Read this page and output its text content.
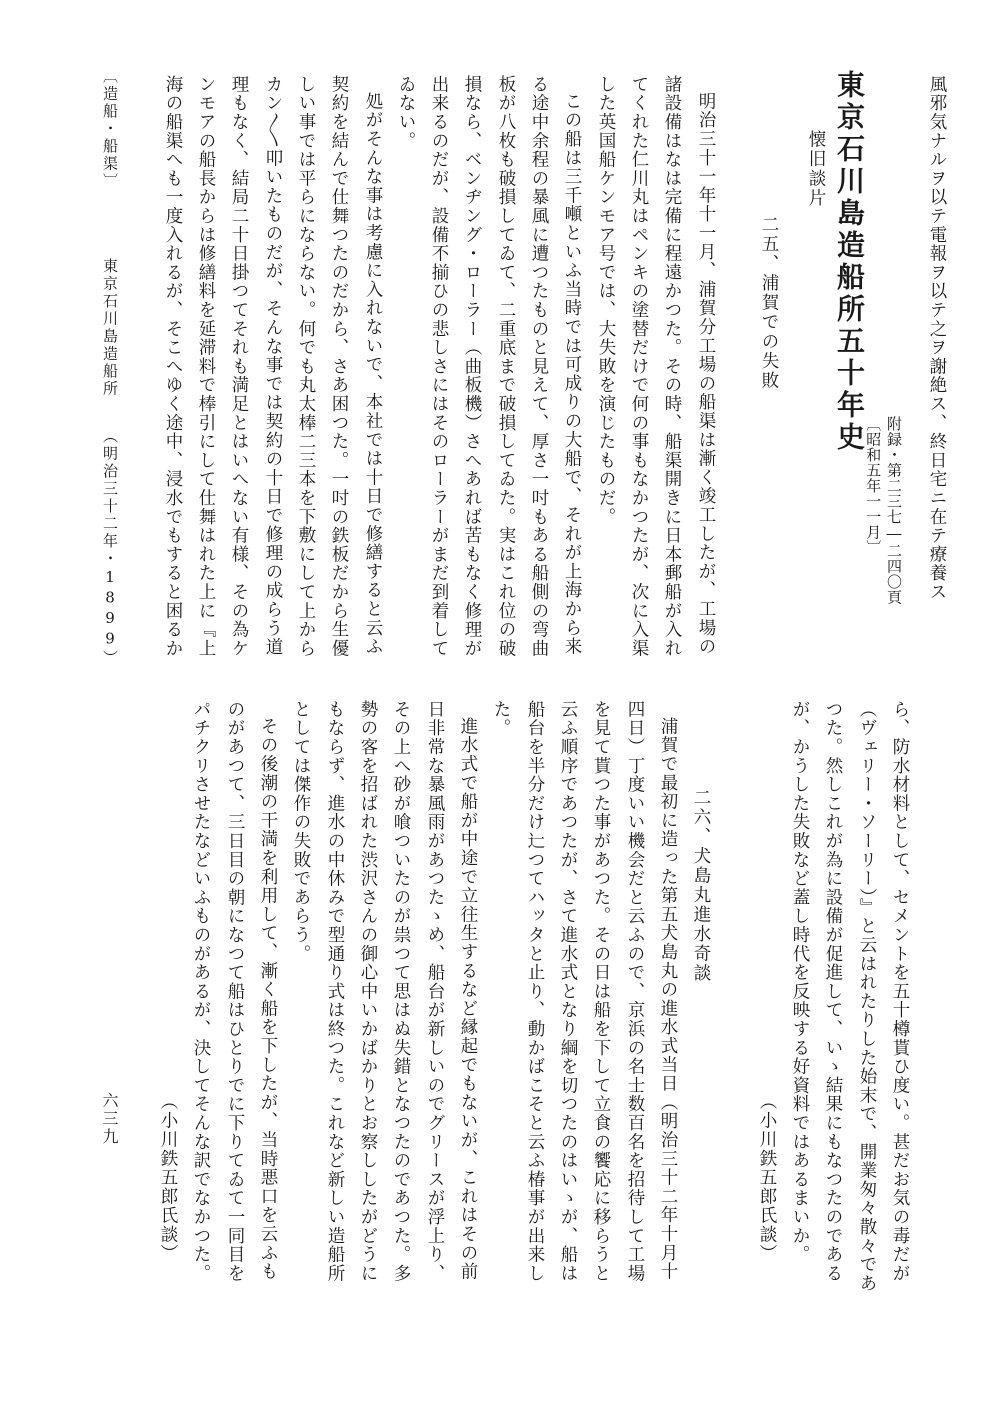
風邪気ナルヲ以テ電報ヲ以テ之ヲ謝絶ス、終日宅ニ在テ療養ス
東京石川島造船所五十年史
附録・第二三七―二四〇頁
〔昭和五年一一月〕
懐旧談片
二五、浦賀での失敗

明治三十一年十一月、浦賀分工場の船渠は漸く竣工したが、工場の

諸設備はなは完備に程遠かつた。その時、船渠開きに日本郵船が入れ

てくれた仁川丸はペンキの塗替だけで何の事もなかつたが、次に入渠

した英国船ケンモア号では、大失敗を演じたものだ。

この船は三千噸といふ当時では可成りの大船で、それが上海から来

る途中余程の暴風に遭つたものと見えて、厚さ一吋もある船側の弯曲

板が八枚も破損してゐて、二重底まで破損してゐた。実はこれ位の破

損なら、ベンヂング・ローラー（曲板機）さへあれば苦もなく修理が

出来るのだが、設備不揃ひの悲しさにはそのローラーがまだ到着して

ゐない。

処がそんな事は考慮に入れないで、本社では十日で修繕すると云ふ

契約を結んで仕舞つたのだから、さあ困つた。一吋の鉄板だから生優

しい事では平らにならない。何でも丸太棒二三本を下敷にして上から

カン〳〵叩いたものだが、そんな事では契約の十日で修理の成らう道

理もなく、結局二十日掛つてそれも満足とはいへない有様、その為ケ

ンモアの船長からは修繕料を延滞料で棒引にして仕舞はれた上に『上

海の船渠へも一度入れるが、そこへゆく途中、浸水でもすると困るか

〔造船・船渠〕
東京石川島造船所
（明治三十二年・1899）

ら、防水材料として、セメントを五十樽貰ひ度い。甚だお気の毒だが

（ヴェリー・ソーリー）』と云はれたりした始末で、開業匆々散々であ

つた。然しこれが為に設備が促進して、いゝ結果にもなつたのである

が、かうした失敗など蓋し時代を反映する好資料ではあるまいか。

（小川鉄五郎氏談）
二六、犬島丸進水奇談

浦賀で最初に造った第五犬島丸の進水式当日（明治三十二年十月十

四日）丁度いい機会だと云ふので、京浜の名士数百名を招待して工場

を見て貰つた事があつた。その日は船を下して立食の饗応に移らうと

云ふ順序であつたが、さて進水式となり綱を切つたのはいゝが、船は

船台を半分だけ辷つてハッタと止り、動かばこそと云ふ椿事が出来し

た。

進水式で船が中途で立往生するなど縁起でもないが、これはその前

日非常な暴風雨があつたゝめ、船台が新しいのでグリースが浮上り、

その上へ砂が喰ついたのが祟つて思はぬ失錯となつたのであつた。多

勢の客を招ばれた渋沢さんの御心中いかばかりとお察ししたがどうに

もならず、進水の中休みで型通り式は終つた。これなど新しい造船所

としては傑作の失敗であらう。

その後潮の干満を利用して、漸く船を下したが、当時悪口を云ふも

のがあつて、三日目の朝になつて船はひとりでに下りてゐて一同目を

パチクリさせたなどいふものがあるが、決してそんな訳でなかつた。

（小川鉄五郎氏談）
六三九
